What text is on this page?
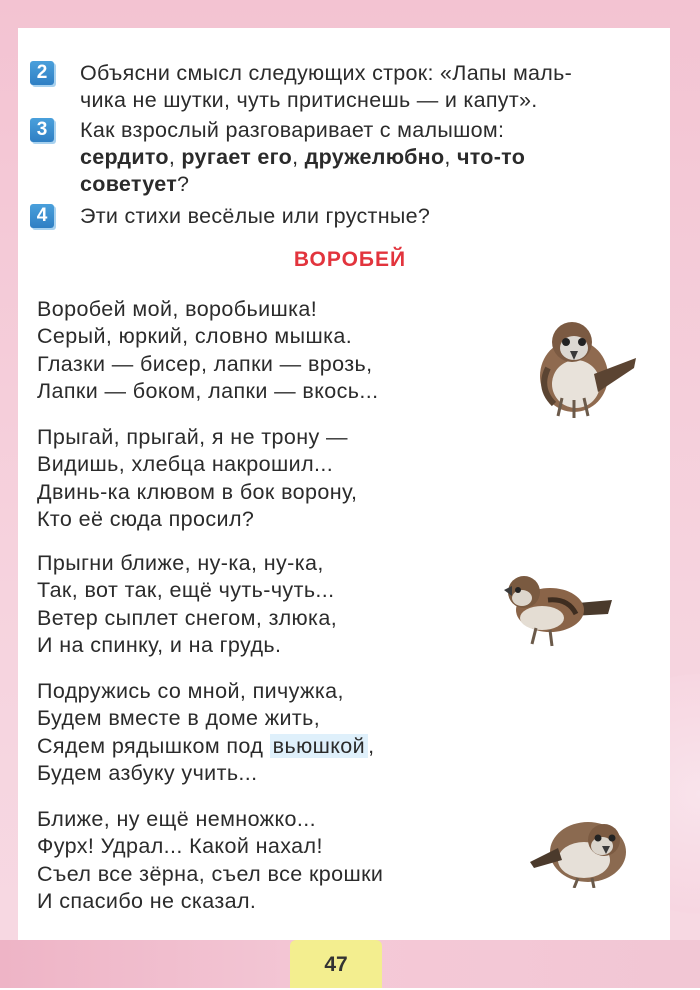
2	Объясни смысл следующих строк: «Лапы маль-
чика не шутки, чуть притиснешь — и капут».
3	Как взрослый разговаривает с малышом:
сердито, ругает его, дружелюбно, что-то
советует?
4	Эти стихи весёлые или грустные?
ВОРОБЕЙ
Воробей мой, воробьишка!
Серый, юркий, словно мышка.
Глазки — бисер, лапки — врозь,
Лапки — боком, лапки — вкось...
Прыгай, прыгай, я не трону —
Видишь, хлебца накрошил...
Двинь-ка клювом в бок ворону,
Кто её сюда просил?
Прыгни ближе, ну-ка, ну-ка,
Так, вот так, ещё чуть-чуть...
Ветер сыплет снегом, злюка,
И на спинку, и на грудь.
Подружись со мной, пичужка,
Будем вместе в доме жить,
Сядем рядышком под вьюшкой ,
Будем азбуку учить...
Ближе, ну ещё немножко...
Фурх! Удрал... Какой нахал!
Съел все зёрна, съел все крошки
И спасибо не сказал.
47
